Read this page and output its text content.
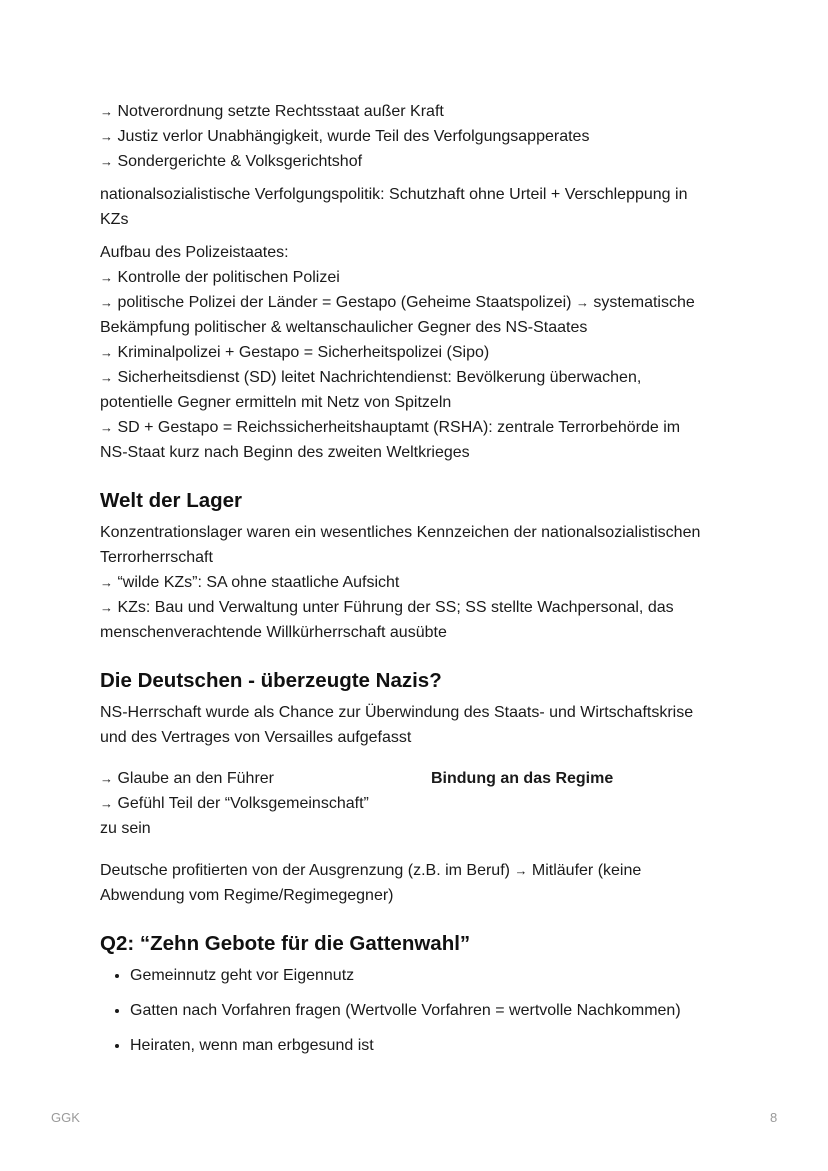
→ Notverordnung setzte Rechtsstaat außer Kraft
→ Justiz verlor Unabhängigkeit, wurde Teil des Verfolgungsapperates
→ Sondergerichte & Volksgerichtshof
nationalsozialistische Verfolgungspolitik: Schutzhaft ohne Urteil + Verschleppung in KZs
Aufbau des Polizeistaates:
→ Kontrolle der politischen Polizei
→ politische Polizei der Länder = Gestapo (Geheime Staatspolizei) → systematische
Bekämpfung politischer & weltanschaulicher Gegner des NS-Staates
→ Kriminalpolizei + Gestapo = Sicherheitspolizei (Sipo)
→ Sicherheitsdienst (SD) leitet Nachrichtendienst: Bevölkerung überwachen,
potentielle Gegner ermitteln mit Netz von Spitzeln
→ SD + Gestapo = Reichssicherheitshauptamt (RSHA): zentrale Terrorbehörde im
NS-Staat kurz nach Beginn des zweiten Weltkrieges
Welt der Lager
Konzentrationslager waren ein wesentliches Kennzeichen der nationalsozialistischen
Terrorherrschaft
→ “wilde KZs”: SA ohne staatliche Aufsicht
→ KZs: Bau und Verwaltung unter Führung der SS; SS stellte Wachpersonal, das
menschenverachtende Willkürherrschaft ausübte
Die Deutschen - überzeugte Nazis?
NS-Herrschaft wurde als Chance zur Überwindung des Staats- und Wirtschaftskrise
und des Vertrages von Versailles aufgefasst
→ Glaube an den Führer
→ Gefühl Teil der “Volksgemeinschaft”
zu sein
Bindung an das Regime
Deutsche profitierten von der Ausgrenzung (z.B. im Beruf) → Mitläufer (keine
Abwendung vom Regime/Regimegegner)
Q2: “Zehn Gebote für die Gattenwahl”
• Gemeinnutz geht vor Eigennutz
• Gatten nach Vorfahren fragen (Wertvolle Vorfahren = wertvolle Nachkommen)
• Heiraten, wenn man erbgesund ist
GGK	8
